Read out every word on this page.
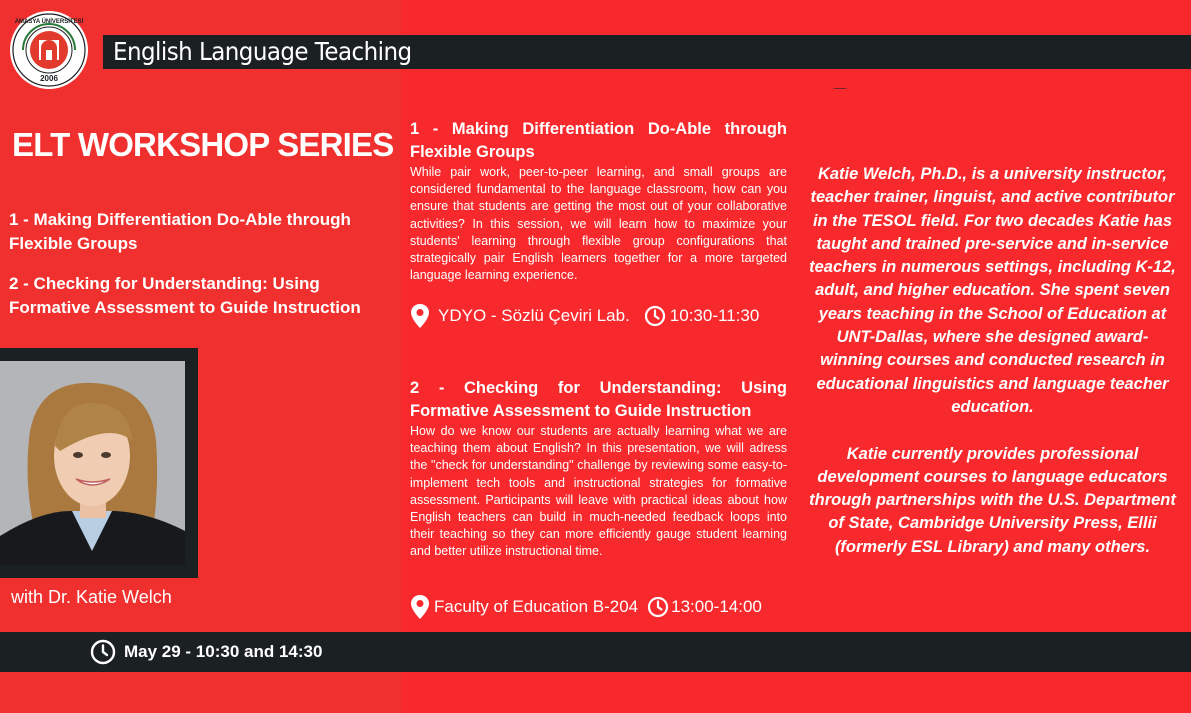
English Language Teaching
2006
AMASYA ÜNİVERSİTESİ
ELT WORKSHOP SERIES
1 - Making Differentiation Do-Able through Flexible Groups
2 - Checking for Understanding: Using Formative Assessment to Guide Instruction
with Dr. Katie Welch
1 - Making Differentiation Do-Able through Flexible Groups

While pair work, peer-to-peer learning, and small groups are considered fundamental to the language classroom, how can you ensure that students are getting the most out of your collaborative activities? In this session, we will learn how to maximize your students' learning through flexible group configurations that strategically pair English learners together for a more targeted language learning experience.

YDYO - Sözlü Çeviri Lab. 10:30-11:30
2 - Checking for Understanding: Using Formative Assessment to Guide Instruction

How do we know our students are actually learning what we are teaching them about English? In this presentation, we will adress the "check for understanding" challenge by reviewing some easy-to-implement tech tools and instructional strategies for formative assessment. Participants will leave with practical ideas about how English teachers can build in much-needed feedback loops into their teaching so they can more efficiently gauge student learning and better utilize instructional time.

Faculty of Education B-204 13:00-14:00

Katie Welch, Ph.D., is a university instructor, teacher trainer, linguist, and active contributor in the TESOL field. For two decades Katie has taught and trained pre-service and in-service teachers in numerous settings, including K-12, adult, and higher education. She spent seven years teaching in the School of Education at UNT-Dallas, where she designed award-winning courses and conducted research in educational linguistics and language teacher education.

Katie currently provides professional development courses to language educators through partnerships with the U.S. Department of State, Cambridge University Press, Ellii (formerly ESL Library) and many others.

May 29 - 10:30 and 14:30
